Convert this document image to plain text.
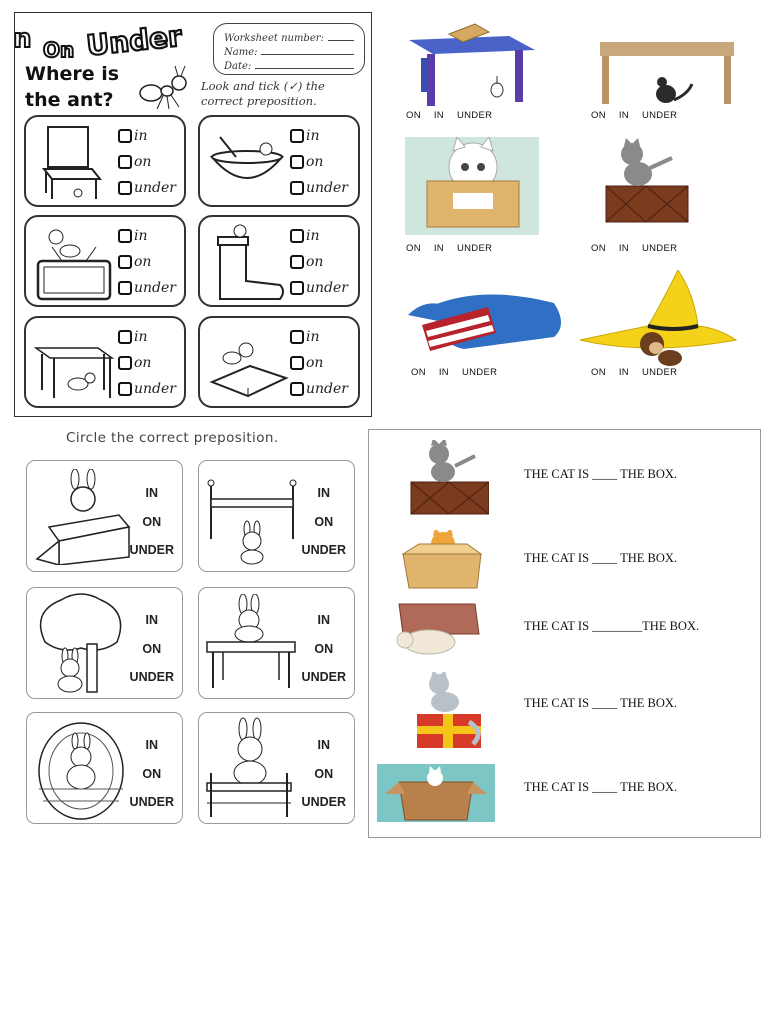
n On Under	Worksheet number:
Name:
Date:
Where is
the ant?
Look and tick (✓) the correct preposition.
in
on
under
in
on
under
in
on
under
in
on
under
in
on
under
in
on
under
ON IN UNDER	ON IN UNDER
ON IN UNDER	ON IN UNDER
ON IN UNDER	ON IN UNDER
Circle the correct preposition.
IN
ON
UNDER
IN
ON
UNDER
IN
ON
UNDER
IN
ON
UNDER
IN
ON
UNDER
IN
ON
UNDER
THE CAT IS ____ THE BOX.
THE CAT IS ____ THE BOX.
THE CAT IS ________THE BOX.
THE CAT IS ____ THE BOX.
THE CAT IS ____ THE BOX.
